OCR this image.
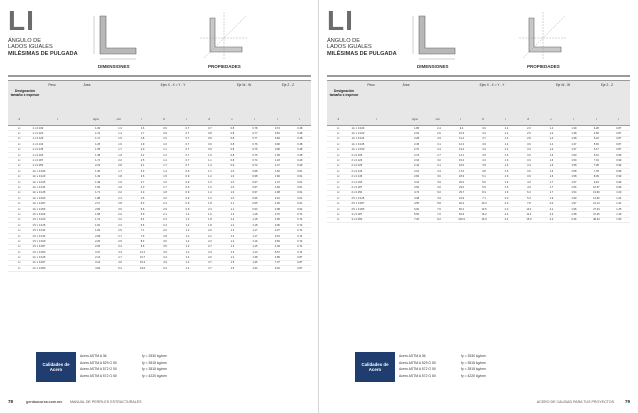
LI
ÁNGULO DE
LADOS IGUALES
MILÉSIMAS DE PULGADA
DIMENSIONES	PROPIEDADES
Designación tamaño x espesor
Peso	Área	Ejes X - X = Y - Y	Eje W - W	Eje Z - Z
d	t	kg/m	cm²	I	S	r	Z	x	r	I	r
LI	1 x 0.109	1.03	1.3	1.6	0.9	0.7	0.7	0.8	0.78	0.74	0.48
LI	1 x 0.120	1.13	1.4	1.7	0.9	0.7	0.8	0.8	0.77	0.81	0.48
LI	1 x 0.125	1.17	1.5	1.8	1.0	0.7	0.8	0.8	0.77	0.84	0.48
LI	1 x 0.134	1.25	1.6	1.9	1.0	0.7	0.9	0.8	0.76	0.90	0.48
LI	1 x 0.145	1.35	1.7	2.0	1.1	0.7	0.9	0.8	0.76	0.96	0.48
LI	1 x 0.160	1.48	1.9	2.2	1.2	0.7	1.0	0.8	0.75	1.05	0.48
LI	1 x 0.187	1.71	2.2	2.5	1.4	0.7	1.1	0.8	0.74	1.18	0.49
LI	1 x 0.250	2.23	2.8	3.1	1.7	0.7	1.4	0.9	0.72	1.47	0.49
LI	1¼ x 0.109	1.30	1.7	3.3	1.4	0.9	1.1	1.0	0.98	1.52	0.61
LI	1¼ x 0.120	1.43	1.8	3.6	1.5	0.9	1.2	1.0	0.98	1.66	0.61
LI	1¼ x 0.125	1.49	1.9	3.7	1.6	0.9	1.3	1.0	0.97	1.72	0.61
LI	1¼ x 0.134	1.59	2.0	4.0	1.7	0.9	1.3	1.0	0.97	1.84	0.61
LI	1¼ x 0.145	1.71	2.2	4.3	1.8	0.9	1.4	1.0	0.97	1.98	0.61
LI	1¼ x 0.160	1.88	2.4	4.6	2.0	0.9	1.6	1.0	0.96	2.16	0.61
LI	1¼ x 0.187	2.17	2.8	5.3	2.3	0.9	1.8	1.1	0.95	2.46	0.61
LI	1¼ x 0.250	2.83	3.6	6.6	2.9	0.9	2.3	1.1	0.93	3.08	0.62
LI	1½ x 0.109	1.58	2.0	5.9	2.1	1.2	1.6	1.2	1.18	2.70	0.74
LI	1½ x 0.120	1.74	2.2	6.4	2.3	1.2	1.8	1.2	1.18	2.95	0.74
LI	1½ x 0.125	1.81	2.3	6.6	2.4	1.2	1.8	1.2	1.18	3.06	0.74
LI	1½ x 0.134	1.93	2.5	7.1	2.6	1.2	2.0	1.2	1.17	3.27	0.74
LI	1½ x 0.145	2.08	2.7	7.6	2.8	1.2	2.1	1.2	1.17	3.51	0.74
LI	1½ x 0.160	2.29	2.9	8.3	3.0	1.2	2.3	1.2	1.16	3.84	0.74
LI	1½ x 0.187	2.65	3.4	9.5	3.5	1.2	2.7	1.3	1.15	4.39	0.74
LI	1½ x 0.250	3.47	4.4	12.1	4.5	1.2	3.4	1.3	1.13	5.57	0.74
LI	1¾ x 0.125	2.13	2.7	10.7	3.4	1.4	2.6	1.4	1.38	4.89	0.87
LI	1¾ x 0.187	3.12	4.0	15.3	4.9	1.4	3.7	1.5	1.36	7.07	0.87
LI	1¾ x 0.250	4.09	5.2	19.6	6.4	1.4	4.7	1.5	1.34	9.02	0.87
Calidades de Acero
Acero ASTM A 36	fy = 2530 kg/cm²
Acero ASTM A 529 G 50	fy = 3515 kg/cm²
Acero ASTM A 572 G 50	fy = 3515 kg/cm²
Acero ASTM A 572 G 60	fy = 4220 kg/cm²
78	gerdaucorsa.com.mx MANUAL DE PERFILES ESTRUCTURALES
LI
ÁNGULO DE
LADOS IGUALES
MILÉSIMAS DE PULGADA
DIMENSIONES	PROPIEDADES
Designación tamaño x espesor
Peso	Área	Ejes X - X = Y - Y	Eje W - W	Eje Z - Z
d	t	kg/m	cm²	I	S	r	Z	x	r	I	r
LI	1¾ x 0.109	1.86	2.4	9.4	3.0	1.4	2.3	1.4	1.39	4.28	0.87
LI	1¾ x 0.120	2.04	2.6	10.3	3.3	1.4	2.5	1.4	1.38	4.69	0.87
LI	1¾ x 0.134	2.28	2.9	11.4	3.7	1.4	2.8	1.4	1.38	5.22	0.87
LI	1¾ x 0.145	2.45	3.1	12.2	3.9	1.4	3.0	1.4	1.37	5.63	0.87
LI	1¾ x 0.160	2.70	3.4	13.4	4.3	1.4	3.3	1.4	1.37	6.17	0.87
LI	2 x 0.109	2.13	2.7	14.1	3.9	1.6	3.0	1.6	1.59	6.41	0.99
LI	2 x 0.120	2.34	3.0	15.4	4.3	1.6	3.3	1.6	1.59	7.01	0.99
LI	2 x 0.125	2.44	3.1	16.0	4.5	1.6	3.4	1.6	1.58	7.28	0.99
LI	2 x 0.134	2.61	3.3	17.0	4.8	1.6	3.6	1.6	1.58	7.78	0.99
LI	2 x 0.145	2.82	3.6	18.3	5.1	1.6	3.9	1.6	1.58	8.39	0.99
LI	2 x 0.160	3.10	3.9	20.0	5.6	1.6	4.3	1.7	1.57	9.19	0.99
LI	2 x 0.187	3.60	4.6	23.0	6.5	1.6	4.9	1.7	1.56	10.57	0.99
LI	2 x 0.250	4.74	6.0	29.7	8.4	1.6	6.3	1.7	1.54	13.60	1.00
LI	2½ x 0.125	3.08	3.9	31.9	7.1	2.0	5.4	1.9	1.99	14.52	1.24
LI	2½ x 0.187	4.55	5.8	46.4	10.3	2.0	7.8	2.0	1.97	21.14	1.24
LI	2½ x 0.250	6.00	7.6	60.2	13.5	2.0	10.1	2.1	1.95	27.34	1.25
LI	3 x 0.187	5.50	7.0	81.9	15.2	2.4	11.4	2.3	2.38	37.25	1.49
LI	3 x 0.250	7.26	9.2	106.9	19.9	2.4	15.0	2.4	2.36	48.34	1.50
Calidades de Acero
Acero ASTM A 36	fy = 2530 kg/cm²
Acero ASTM A 529 G 50	fy = 3515 kg/cm²
Acero ASTM A 572 G 50	fy = 3515 kg/cm²
Acero ASTM A 572 G 60	fy = 4220 kg/cm²
ACERO DE CALIDAD PARA TUS PROYECTOS 79
